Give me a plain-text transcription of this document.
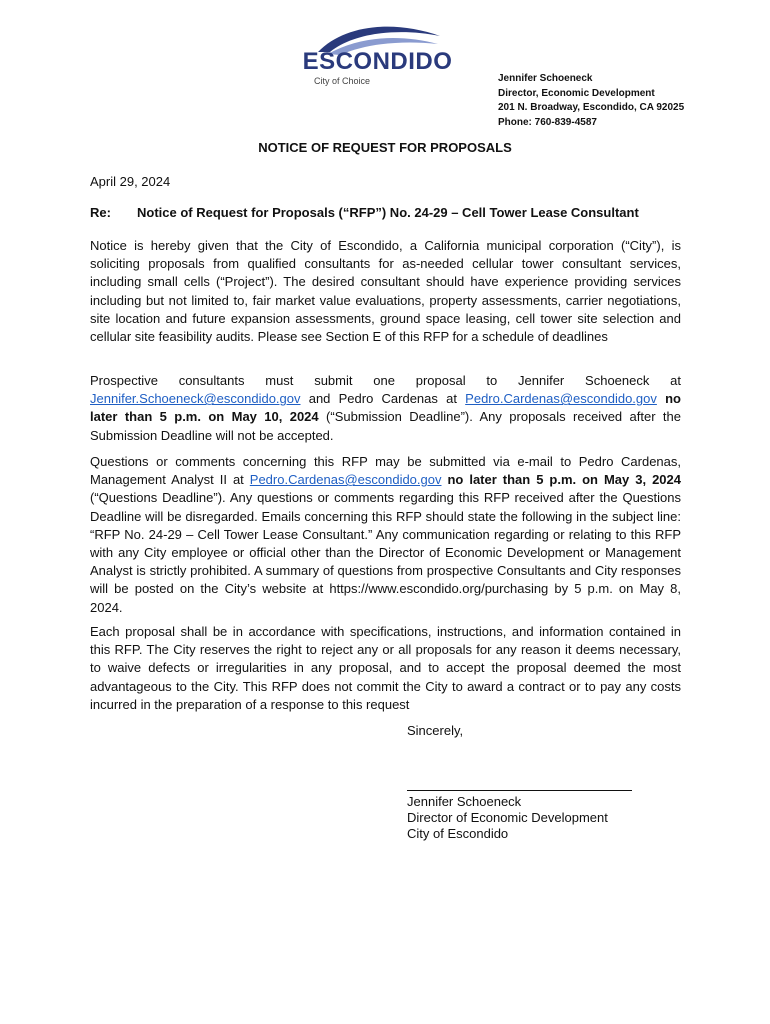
ESCONDIDO
City of Choice	Jennifer Schoeneck
Director, Economic Development
201 N. Broadway, Escondido, CA 92025
Phone: 760-839-4587
NOTICE OF REQUEST FOR PROPOSALS
April 29, 2024
Re: Notice of Request for Proposals (“RFP”) No. 24-29 – Cell Tower Lease Consultant

Notice is hereby given that the City of Escondido, a California municipal corporation (“City”), is soliciting proposals from qualified consultants for as-needed cellular tower consultant services, including small cells (“Project”). The desired consultant should have experience providing services including but not limited to, fair market value evaluations, property assessments, carrier negotiations, site location and future expansion assessments, ground space leasing, cell tower site selection and cellular site feasibility audits. Please see Section E of this RFP for a schedule of deadlines

Prospective consultants must submit one proposal to Jennifer Schoeneck at Jennifer.Schoeneck@escondido.gov and Pedro Cardenas at Pedro.Cardenas@escondido.gov no later than 5 p.m. on May 10, 2024 (“Submission Deadline”). Any proposals received after the Submission Deadline will not be accepted.

Questions or comments concerning this RFP may be submitted via e-mail to Pedro Cardenas, Management Analyst II at Pedro.Cardenas@escondido.gov no later than 5 p.m. on May 3, 2024 (“Questions Deadline”). Any questions or comments regarding this RFP received after the Questions Deadline will be disregarded. Emails concerning this RFP should state the following in the subject line: “RFP No. 24-29 – Cell Tower Lease Consultant.” Any communication regarding or relating to this RFP with any City employee or official other than the Director of Economic Development or Management Analyst is strictly prohibited. A summary of questions from prospective Consultants and City responses will be posted on the City’s website at https://www.escondido.org/purchasing by 5 p.m. on May 8, 2024.

Each proposal shall be in accordance with specifications, instructions, and information contained in this RFP. The City reserves the right to reject any or all proposals for any reason it deems necessary, to waive defects or irregularities in any proposal, and to accept the proposal deemed the most advantageous to the City. This RFP does not commit the City to award a contract or to pay any costs incurred in the preparation of a response to this request

Sincerely,
Jennifer Schoeneck
Director of Economic Development
City of Escondido
